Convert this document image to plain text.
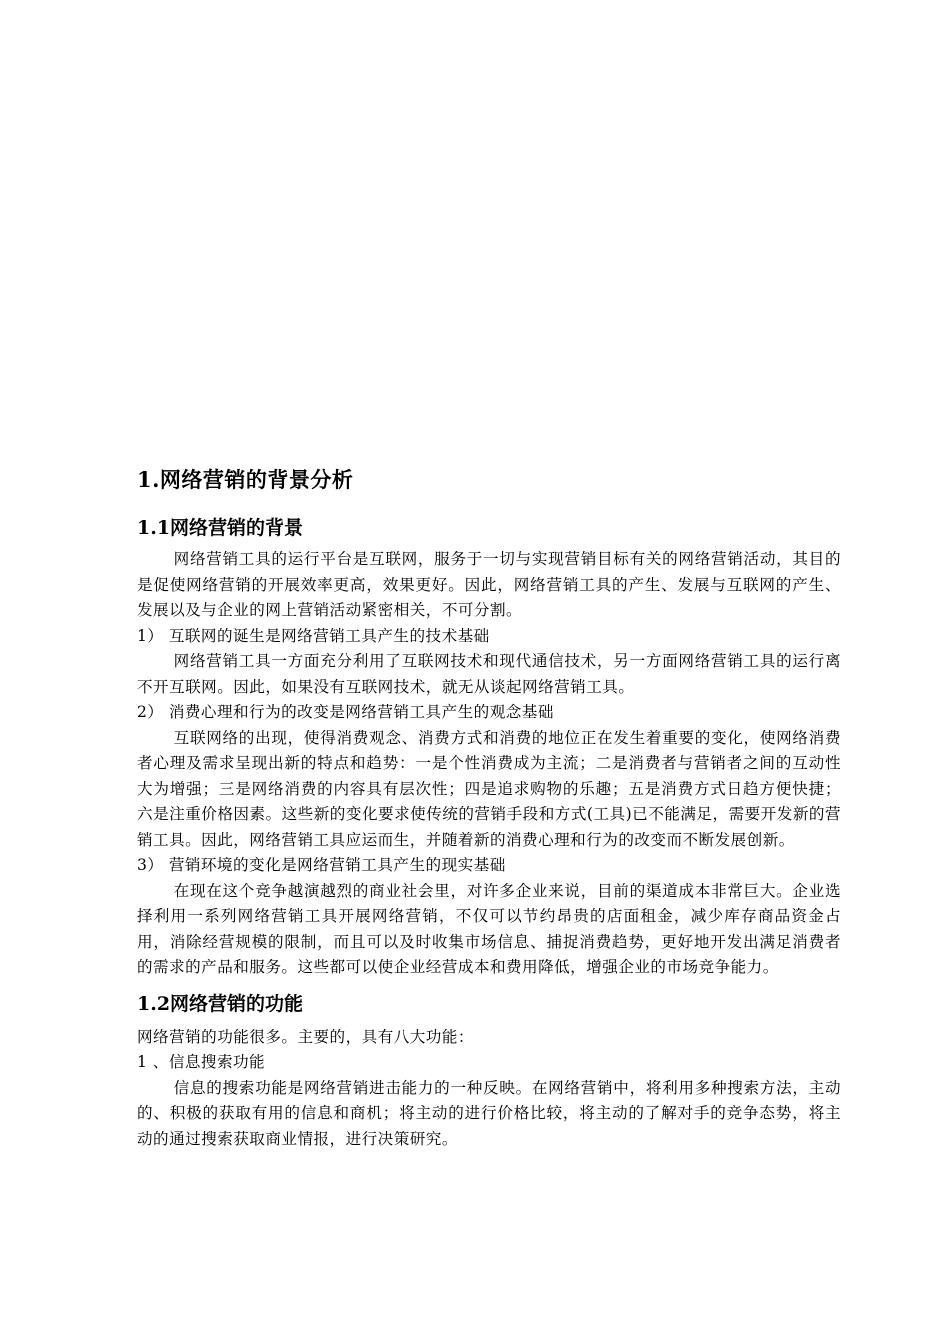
1.网络营销的背景分析
1.1网络营销的背景

网络营销工具的运行平台是互联网，服务于一切与实现营销目标有关的网络营销活动，其目的是促使网络营销的开展效率更高，效果更好。因此，网络营销工具的产生、发展与互联网的产生、发展以及与企业的网上营销活动紧密相关，不可分割。

1） 互联网的诞生是网络营销工具产生的技术基础

网络营销工具一方面充分利用了互联网技术和现代通信技术，另一方面网络营销工具的运行离不开互联网。因此，如果没有互联网技术，就无从谈起网络营销工具。

2） 消费心理和行为的改变是网络营销工具产生的观念基础

互联网络的出现，使得消费观念、消费方式和消费的地位正在发生着重要的变化，使网络消费者心理及需求呈现出新的特点和趋势：一是个性消费成为主流；二是消费者与营销者之间的互动性大为增强；三是网络消费的内容具有层次性；四是追求购物的乐趣；五是消费方式日趋方便快捷；六是注重价格因素。这些新的变化要求使传统的营销手段和方式(工具)已不能满足，需要开发新的营销工具。因此，网络营销工具应运而生，并随着新的消费心理和行为的改变而不断发展创新。

3） 营销环境的变化是网络营销工具产生的现实基础

在现在这个竞争越演越烈的商业社会里，对许多企业来说，目前的渠道成本非常巨大。企业选择利用一系列网络营销工具开展网络营销，不仅可以节约昂贵的店面租金，减少库存商品资金占用，消除经营规模的限制，而且可以及时收集市场信息、捕捉消费趋势，更好地开发出满足消费者的需求的产品和服务。这些都可以使企业经营成本和费用降低，增强企业的市场竞争能力。

1.2网络营销的功能

网络营销的功能很多。主要的，具有八大功能：

1 、信息搜索功能

信息的搜索功能是网络营销进击能力的一种反映。在网络营销中，将利用多种搜索方法，主动的、积极的获取有用的信息和商机；将主动的进行价格比较，将主动的了解对手的竞争态势，将主动的通过搜索获取商业情报，进行决策研究。
